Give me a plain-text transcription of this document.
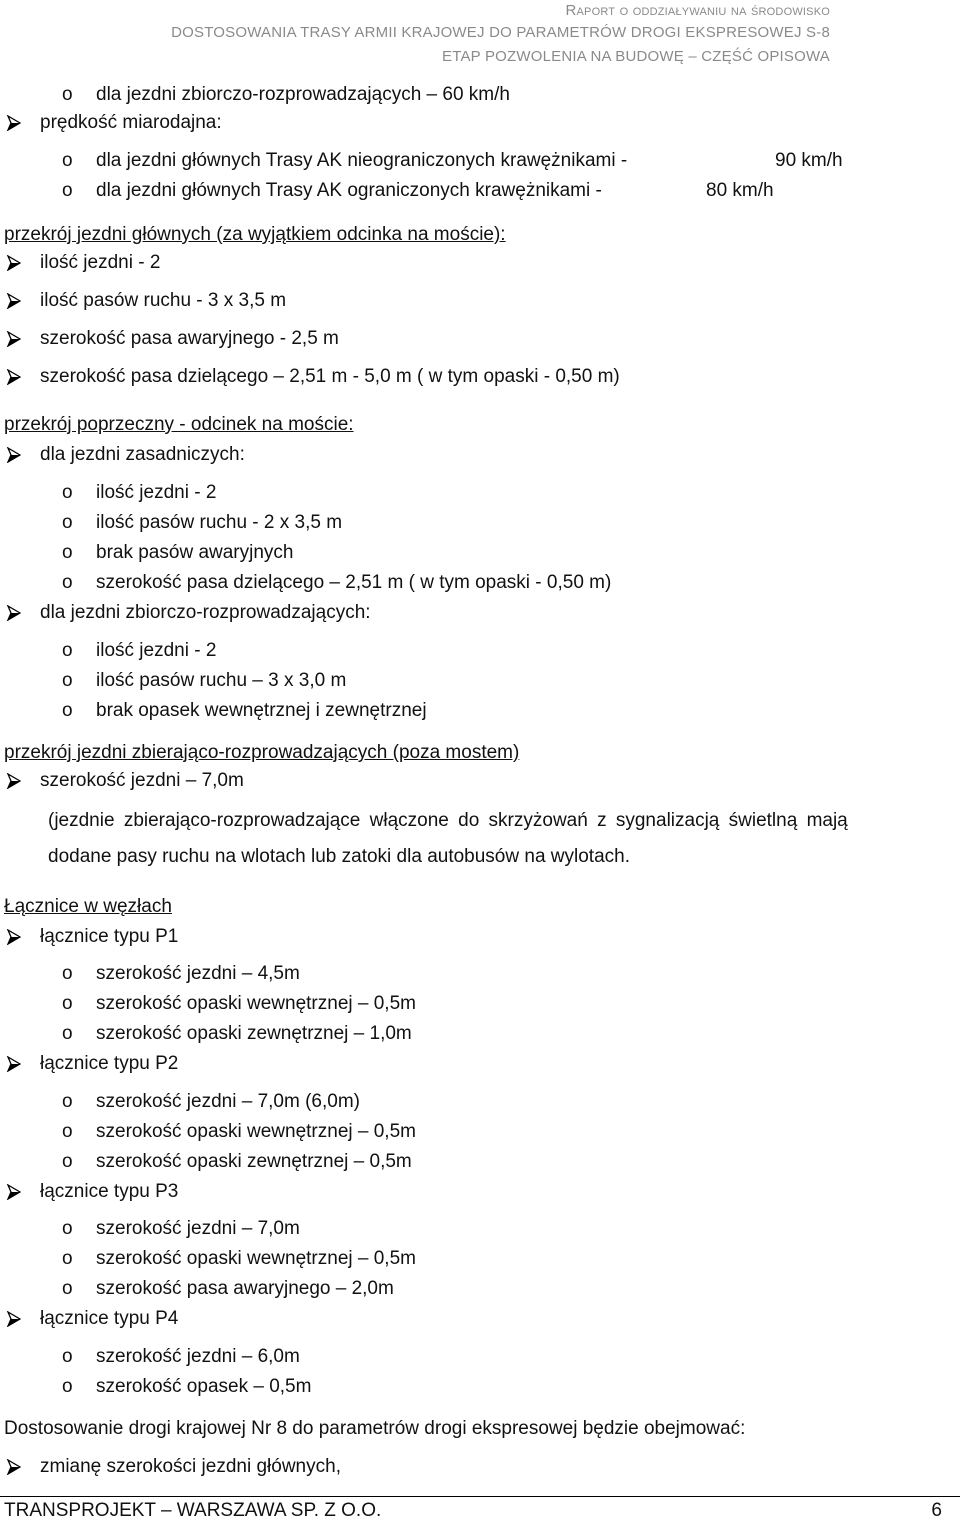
Raport o oddziaływaniu na środowisko
DOSTOSOWANIA TRASY ARMII KRAJOWEJ DO PARAMETRÓW DROGI EKSPRESOWEJ S-8
ETAP POZWOLENIA NA BUDOWĘ – CZĘŚĆ OPISOWA
o dla jezdni zbiorczo-rozprowadzających – 60 km/h
prędkość miarodajna:
o dla jezdni głównych Trasy AK nieograniczonych krawężnikami -	90 km/h
o dla jezdni głównych Trasy AK ograniczonych krawężnikami -	80 km/h
przekrój jezdni głównych (za wyjątkiem odcinka na moście):
ilość jezdni - 2
ilość pasów ruchu - 3 x 3,5 m
szerokość pasa awaryjnego - 2,5 m
szerokość pasa dzielącego – 2,51 m - 5,0 m ( w tym opaski - 0,50 m)
przekrój poprzeczny - odcinek na moście:
dla jezdni zasadniczych:
o ilość jezdni - 2
o ilość pasów ruchu - 2 x 3,5 m
o brak pasów awaryjnych
o szerokość pasa dzielącego – 2,51 m ( w tym opaski - 0,50 m)
dla jezdni zbiorczo-rozprowadzających:
o ilość jezdni - 2
o ilość pasów ruchu – 3 x 3,0 m
o brak opasek wewnętrznej i zewnętrznej
przekrój jezdni zbierająco-rozprowadzających (poza mostem)
szerokość jezdni – 7,0m
(jezdnie zbierająco-rozprowadzające włączone do skrzyżowań z sygnalizacją świetlną mają
dodane pasy ruchu na wlotach lub zatoki dla autobusów na wylotach.
Łącznice w węzłach
łącznice typu P1
o szerokość jezdni – 4,5m
o szerokość opaski wewnętrznej – 0,5m
o szerokość opaski zewnętrznej – 1,0m
łącznice typu P2
o szerokość jezdni – 7,0m (6,0m)
o szerokość opaski wewnętrznej – 0,5m
o szerokość opaski zewnętrznej – 0,5m
łącznice typu P3
o szerokość jezdni – 7,0m
o szerokość opaski wewnętrznej – 0,5m
o szerokość pasa awaryjnego – 2,0m
łącznice typu P4
o szerokość jezdni – 6,0m
o szerokość opasek – 0,5m
Dostosowanie drogi krajowej Nr 8 do parametrów drogi ekspresowej będzie obejmować:
zmianę szerokości jezdni głównych,
TRANSPROJEKT – WARSZAWA SP. Z O.O.	6
